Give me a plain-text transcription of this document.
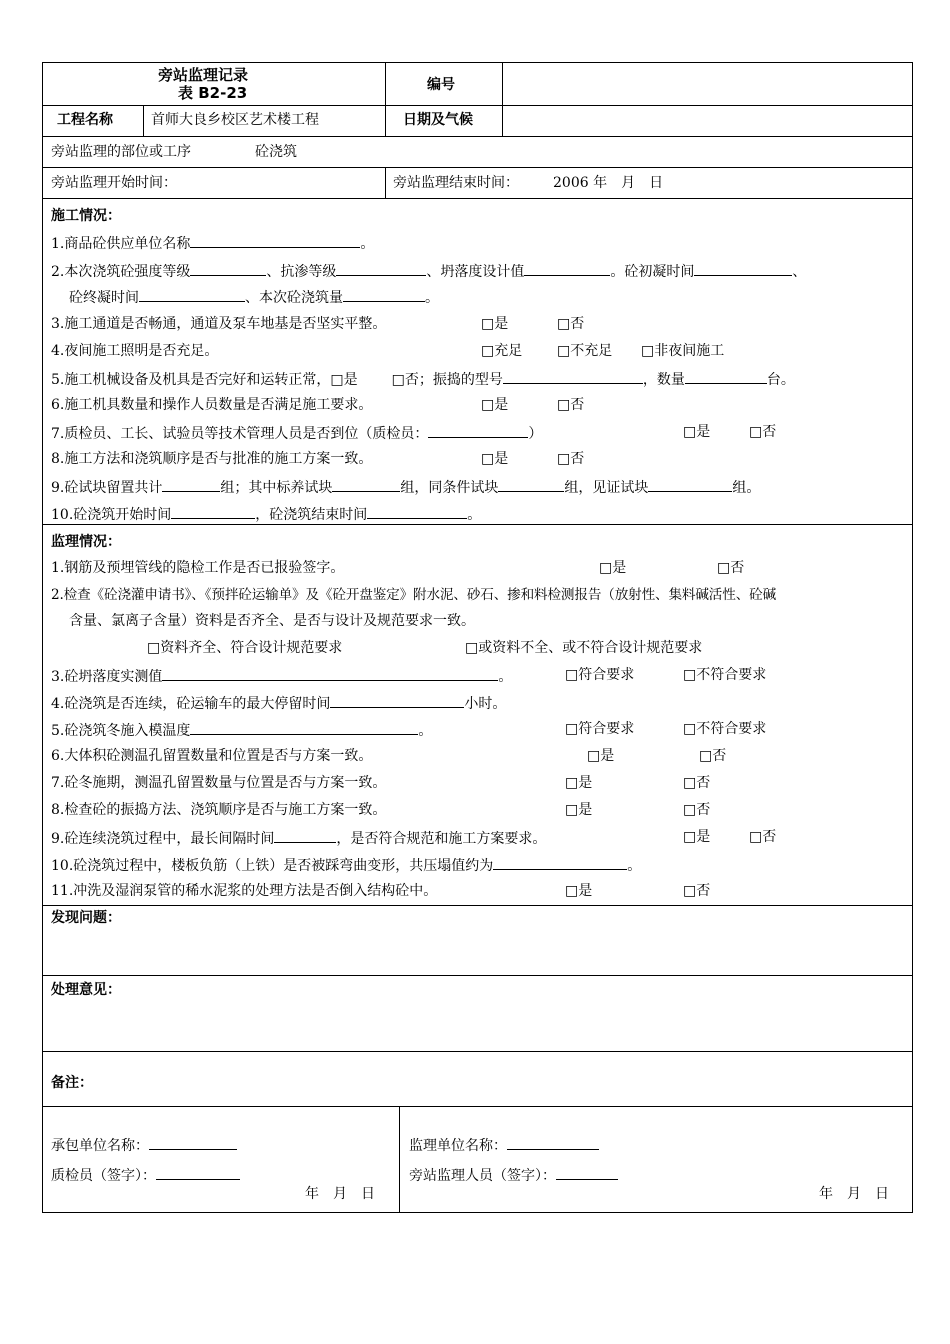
旁站监理记录
表 B2-23	编号
工程名称	首师大良乡校区艺术楼工程	日期及气候
旁站监理的部位或工序	砼浇筑
旁站监理开始时间：	旁站监理结束时间： 2006 年　月　日
施工情况：
1.商品砼供应单位名称	。
2.本次浇筑砼强度等级	、抗渗等级	、坍落度设计值	。砼初凝时间	、
砼终凝时间	、本次砼浇筑量	。
3.施工通道是否畅通，通道及泵车地基是否坚实平整。	□是	□否
4.夜间施工照明是否充足。	□充足 □不充足 □非夜间施工
5.施工机械设备及机具是否完好和运转正常，□是 □否；振捣的型号	，数量	台。
6.施工机具数量和操作人员数量是否满足施工要求。	□是	□否
7.质检员、工长、试验员等技术管理人员是否到位（质检员：	）	□是	□否
8.施工方法和浇筑顺序是否与批准的施工方案一致。	□是	□否
9.砼试块留置共计	组；其中标养试块	组，同条件试块	组，见证试块	组。
10.砼浇筑开始时间	，砼浇筑结束时间	。
监理情况：
1.钢筋及预埋管线的隐检工作是否已报验签字。	□是	□否
2.检查《砼浇灌申请书》、《预拌砼运输单》及《砼开盘鉴定》附水泥、砂石、掺和料检测报告（放射性、集料碱活性、砼碱
含量、氯离子含量）资料是否齐全、是否与设计及规范要求一致。
□资料齐全、符合设计规范要求	□或资料不全、或不符合设计规范要求
3.砼坍落度实测值	。	□符合要求	□不符合要求
4.砼浇筑是否连续，砼运输车的最大停留时间	小时。
5.砼浇筑冬施入模温度	。	□符合要求	□不符合要求
6.大体积砼测温孔留置数量和位置是否与方案一致。	□是	□否
7.砼冬施期，测温孔留置数量与位置是否与方案一致。	□是	□否
8.检查砼的振捣方法、浇筑顺序是否与施工方案一致。	□是	□否
9.砼连续浇筑过程中，最长间隔时间	，是否符合规范和施工方案要求。	□是	□否
10.砼浇筑过程中，楼板负筋（上铁）是否被踩弯曲变形，共压塌值约为	。
11.冲洗及湿润泵管的稀水泥浆的处理方法是否倒入结构砼中。	□是	□否
发现问题：
处理意见：
备注：
承包单位名称：
质检员（签字）：
年　月　日
监理单位名称：
旁站监理人员（签字）：
年　月　日
